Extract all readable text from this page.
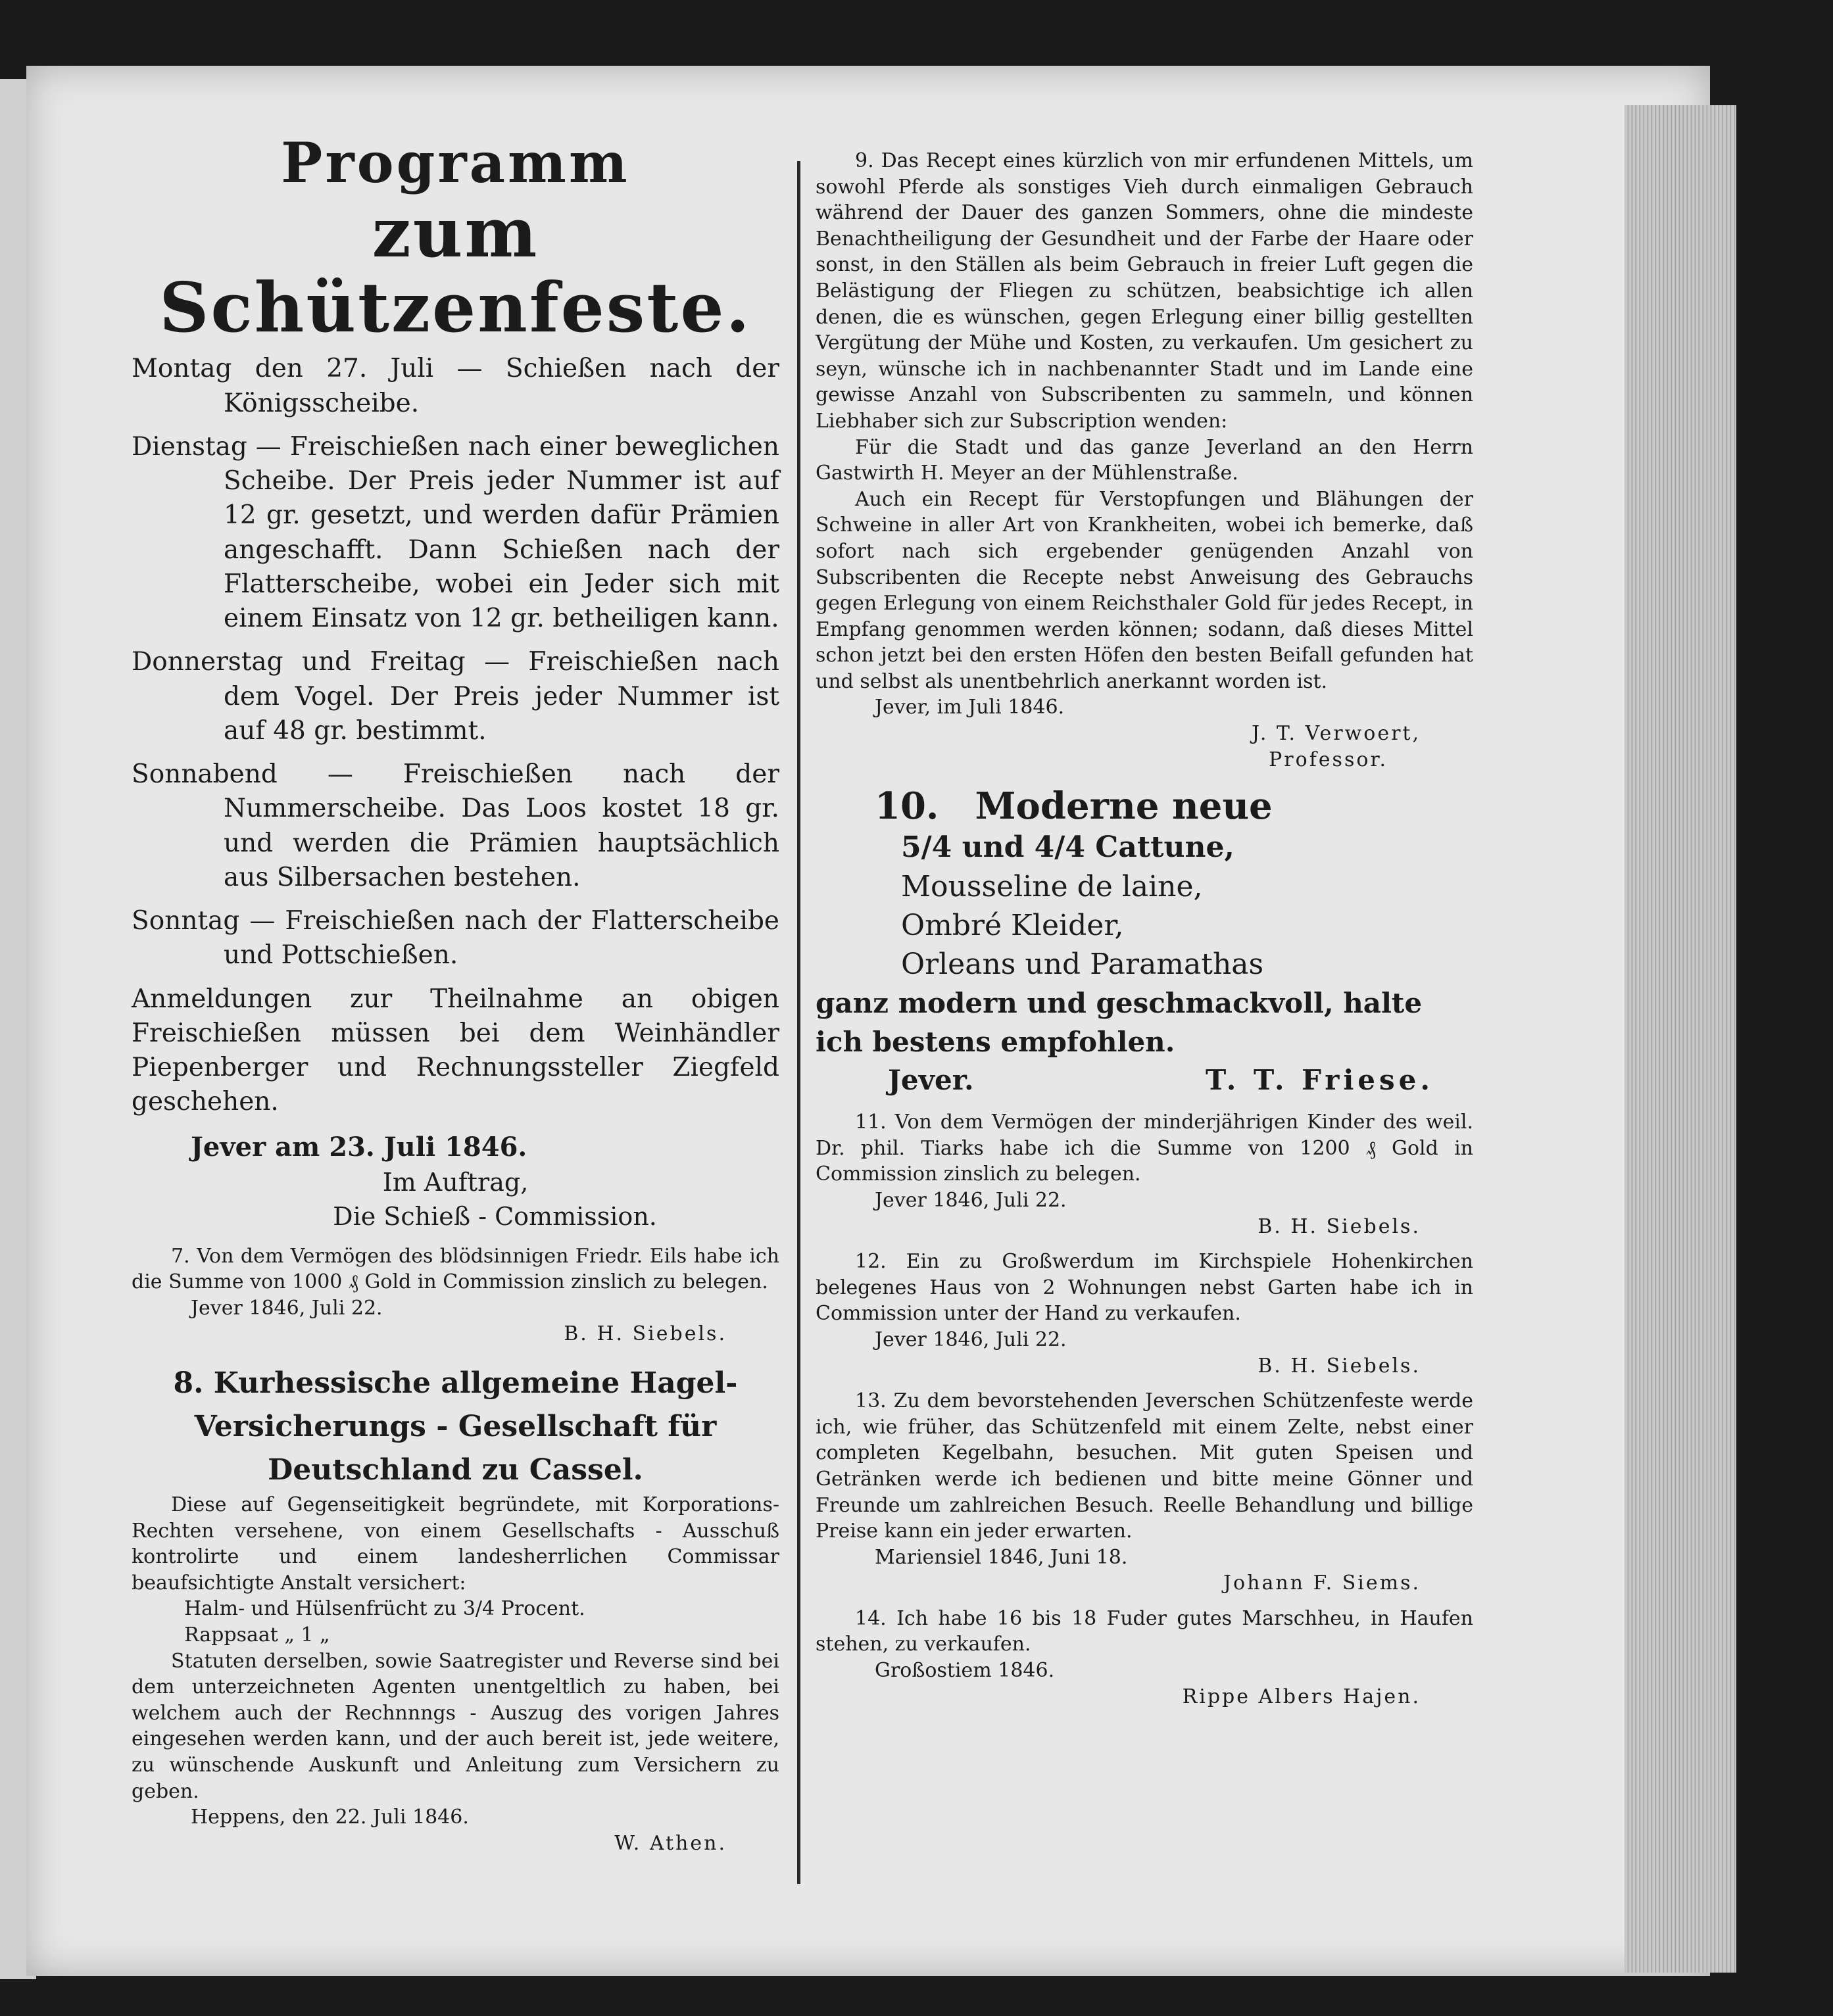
Programm
zum Schützenfeste.

Montag den 27. Juli — Schießen nach der Königsscheibe.

Dienstag — Freischießen nach einer beweglichen Scheibe. Der Preis jeder Nummer ist auf 12 gr. gesetzt, und werden dafür Prämien angeschafft. Dann Schießen nach der Flatterscheibe, wobei ein Jeder sich mit einem Einsatz von 12 gr. betheiligen kann.

Donnerstag und Freitag — Freischießen nach dem Vogel. Der Preis jeder Nummer ist auf 48 gr. bestimmt.

Sonnabend — Freischießen nach der Nummerscheibe. Das Loos kostet 18 gr. und werden die Prämien hauptsächlich aus Silbersachen bestehen.

Sonntag — Freischießen nach der Flatterscheibe und Pottschießen.

Anmeldungen zur Theilnahme an obigen Freischießen müssen bei dem Weinhändler Piepenberger und Rechnungssteller Ziegfeld geschehen.

Jever am 23. Juli 1846.

Im Auftrag,

Die Schieß - Commission.

7. Von dem Vermögen des blödsinnigen Friedr. Eils habe ich die Summe von 1000 ₰ Gold in Commission zinslich zu belegen.

Jever 1846, Juli 22.

B. H. Siebels.

8. Kurhessische allgemeine Hagel-

Versicherungs - Gesellschaft für

Deutschland zu Cassel.

Diese auf Gegenseitigkeit begründete, mit Korporations-Rechten versehene, von einem Gesellschafts - Ausschuß kontrolirte und einem landesherrlichen Commissar beaufsichtigte Anstalt versichert:

Halm- und Hülsenfrücht zu 3/4 Procent.

Rappsaat „ 1 „

Statuten derselben, sowie Saatregister und Reverse sind bei dem unterzeichneten Agenten unentgeltlich zu haben, bei welchem auch der Rechnnngs - Auszug des vorigen Jahres eingesehen werden kann, und der auch bereit ist, jede weitere, zu wünschende Auskunft und Anleitung zum Versichern zu geben.

Heppens, den 22. Juli 1846.

W. Athen.

9. Das Recept eines kürzlich von mir erfundenen Mittels, um sowohl Pferde als sonstiges Vieh durch einmaligen Gebrauch während der Dauer des ganzen Sommers, ohne die mindeste Benachtheiligung der Gesundheit und der Farbe der Haare oder sonst, in den Ställen als beim Gebrauch in freier Luft gegen die Belästigung der Fliegen zu schützen, beabsichtige ich allen denen, die es wünschen, gegen Erlegung einer billig gestellten Vergütung der Mühe und Kosten, zu verkaufen. Um gesichert zu seyn, wünsche ich in nachbenannter Stadt und im Lande eine gewisse Anzahl von Subscribenten zu sammeln, und können Liebhaber sich zur Subscription wenden:

Für die Stadt und das ganze Jeverland an den Herrn Gastwirth H. Meyer an der Mühlenstraße.

Auch ein Recept für Verstopfungen und Blähungen der Schweine in aller Art von Krankheiten, wobei ich bemerke, daß sofort nach sich ergebender genügenden Anzahl von Subscribenten die Recepte nebst Anweisung des Gebrauchs gegen Erlegung von einem Reichsthaler Gold für jedes Recept, in Empfang genommen werden können; sodann, daß dieses Mittel schon jetzt bei den ersten Höfen den besten Beifall gefunden hat und selbst als unentbehrlich anerkannt worden ist.

Jever, im Juli 1846.

J. T. Verwoert,

Professor.

10. Moderne neue

5/4 und 4/4 Cattune,

Mousseline de laine,

Ombré Kleider,

Orleans und Paramathas

ganz modern und geschmackvoll, halte ich bestens empfohlen.

Jever.	T. T. Friese.

11. Von dem Vermögen der minderjährigen Kinder des weil. Dr. phil. Tiarks habe ich die Summe von 1200 ₰ Gold in Commission zinslich zu belegen.

Jever 1846, Juli 22.

B. H. Siebels.

12. Ein zu Großwerdum im Kirchspiele Hohenkirchen belegenes Haus von 2 Wohnungen nebst Garten habe ich in Commission unter der Hand zu verkaufen.

Jever 1846, Juli 22.

B. H. Siebels.

13. Zu dem bevorstehenden Jeverschen Schützenfeste werde ich, wie früher, das Schützenfeld mit einem Zelte, nebst einer completen Kegelbahn, besuchen. Mit guten Speisen und Getränken werde ich bedienen und bitte meine Gönner und Freunde um zahlreichen Besuch. Reelle Behandlung und billige Preise kann ein jeder erwarten.

Mariensiel 1846, Juni 18.

Johann F. Siems.

14. Ich habe 16 bis 18 Fuder gutes Marschheu, in Haufen stehen, zu verkaufen.

Großostiem 1846.

Rippe Albers Hajen.
